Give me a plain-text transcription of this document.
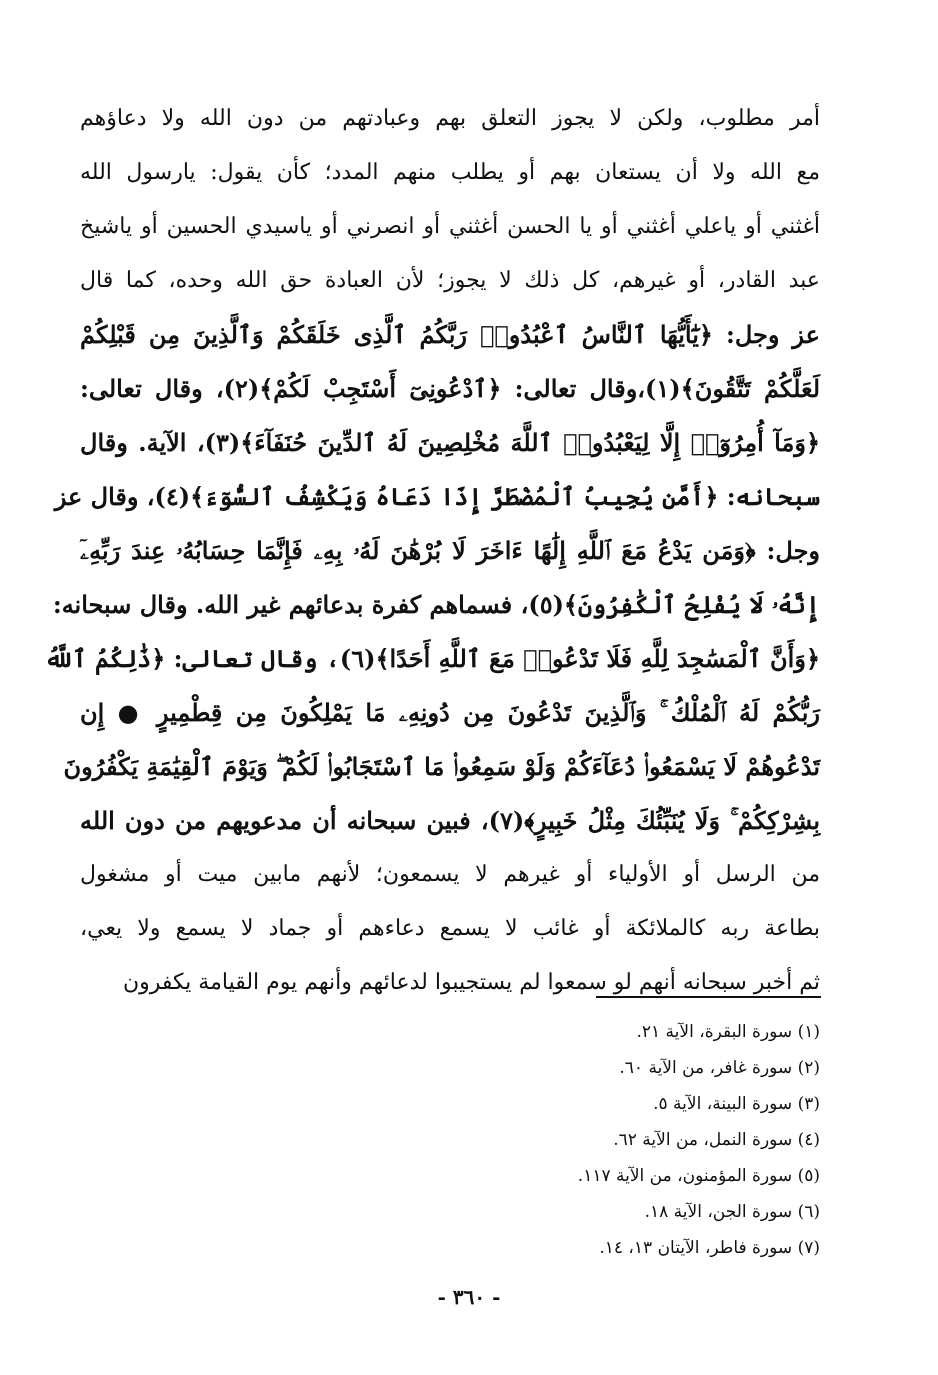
أمر مطلوب، ولكن لا يجوز التعلق بهم وعبادتهم من دون الله ولا دعاؤهم
مع الله ولا أن يستعان بهم أو يطلب منهم المدد؛ كأن يقول: يارسول الله
أغثني أو ياعلي أغثني أو يا الحسن أغثني أو انصرني أو ياسيدي الحسين أو ياشيخ
عبد القادر، أو غيرهم، كل ذلك لا يجوز؛ لأن العبادة حق الله وحده، كما قال
عز وجل: ﴿يَٰٓأَيُّهَا ٱلنَّاسُ ٱعْبُدُوا۟ رَبَّكُمُ ٱلَّذِى خَلَقَكُمْ وَٱلَّذِينَ مِن قَبْلِكُمْ
لَعَلَّكُمْ تَتَّقُونَ﴾(١)،وقال تعالى: ﴿ٱدْعُونِىٓ أَسْتَجِبْ لَكُمْ﴾(٢)، وقال تعالى:
﴿وَمَآ أُمِرُوٓا۟ إِلَّا لِيَعْبُدُوا۟ ٱللَّهَ مُخْلِصِينَ لَهُ ٱلدِّينَ حُنَفَآءَ﴾(٣)، الآية. وقال
سبحانه: ﴿أَمَّن يُجِيبُ ٱلْمُضْطَرَّ إِذَا دَعَاهُ وَيَكْشِفُ ٱلسُّوٓءَ﴾(٤)، وقال عز
وجل: ﴿وَمَن يَدْعُ مَعَ ٱللَّهِ إِلَٰهًا ءَاخَرَ لَا بُرْهَٰنَ لَهُۥ بِهِۦ فَإِنَّمَا حِسَابُهُۥ عِندَ رَبِّهِۦٓ
إِنَّهُۥ لَا يُفْلِحُ ٱلْكَٰفِرُونَ﴾(٥)، فسماهم كفرة بدعائهم غير الله. وقال سبحانه:
﴿وَأَنَّ ٱلْمَسَٰجِدَ لِلَّهِ فَلَا تَدْعُوا۟ مَعَ ٱللَّهِ أَحَدًا﴾(٦)، وقال تعالى: ﴿ذَٰلِكُمُ ٱللَّهُ
رَبُّكُمْ لَهُ ٱلْمُلْكُ ۚ وَٱلَّذِينَ تَدْعُونَ مِن دُونِهِۦ مَا يَمْلِكُونَ مِن قِطْمِيرٍ ● إِن
تَدْعُوهُمْ لَا يَسْمَعُوا۟ دُعَآءَكُمْ وَلَوْ سَمِعُوا۟ مَا ٱسْتَجَابُوا۟ لَكُمْ ۖ وَيَوْمَ ٱلْقِيَٰمَةِ يَكْفُرُونَ
بِشِرْكِكُمْ ۚ وَلَا يُنَبِّئُكَ مِثْلُ خَبِيرٍ﴾(٧)، فبين سبحانه أن مدعويهم من دون الله
من الرسل أو الأولياء أو غيرهم لا يسمعون؛ لأنهم مابين ميت أو مشغول
بطاعة ربه كالملائكة أو غائب لا يسمع دعاءهم أو جماد لا يسمع ولا يعي،
ثم أخبر سبحانه أنهم لو سمعوا لم يستجيبوا لدعائهم وأنهم يوم القيامة يكفرون
(١) سورة البقرة، الآية ٢١.
(٢) سورة غافر، من الآية ٦٠.
(٣) سورة البينة، الآية ٥.
(٤) سورة النمل، من الآية ٦٢.
(٥) سورة المؤمنون، من الآية ١١٧.
(٦) سورة الجن، الآية ١٨.
(٧) سورة فاطر، الآيتان ١٣، ١٤.
- ٣٦٠ -
